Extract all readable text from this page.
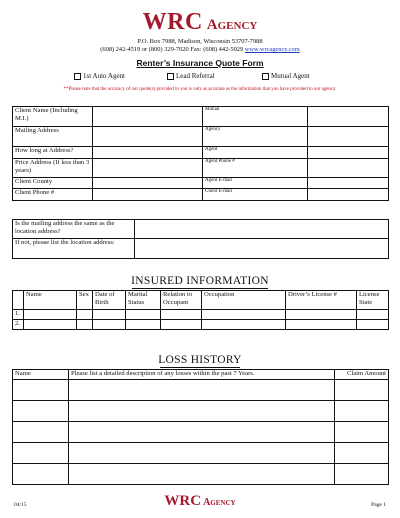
WRC Agency
P.O. Box 7988, Madison, Wisconsin 53707-7988
(608) 242-4519 or (800) 329-7020 Fax: (608) 442-5029 www.wrcagency.com
Renter’s Insurance Quote Form
1st Auto Agent	Lead Referral	Mutual Agent
**Please note that the accuracy of our quote(s) provided to you is only as accurate as the information that you have provided to our agency.
Client Name (Including M.I.)		Mutual	
Mailing Address		Agency	
How long at Address?		Agent	
Price Address (If less than 3 years)		Agent Phone #	
Client County		Agent E-mail	
Client Phone #		Client E-mail	
Is the mailing address the same as the location address?	
If not, please list the location address:	
INSURED INFORMATION
	Name	Sex	Date of Birth	Marital Status	Relation to Occupant	Occupation	Driver’s License #	License State
1.								
2.								
LOSS HISTORY
Name	Please list a detailed description of any losses within the past 7 Years.	Claim Amount

04/15	WRC Agency	Page 1
